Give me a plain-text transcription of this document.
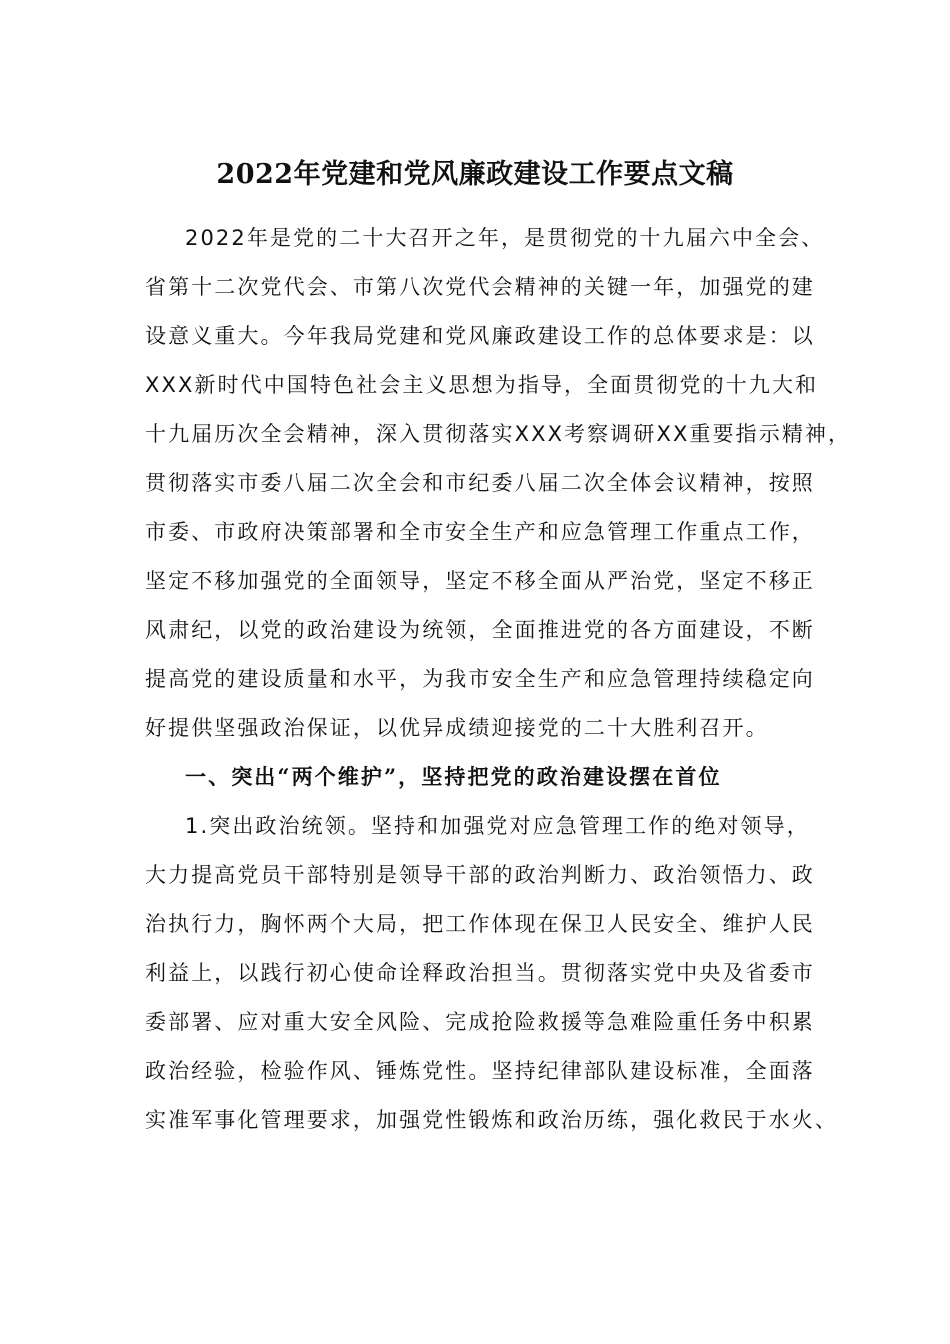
2022年党建和党风廉政建设工作要点文稿
2022年是党的二十大召开之年，是贯彻党的十九届六中全会、
省第十二次党代会、市第八次党代会精神的关键一年，加强党的建
设意义重大。今年我局党建和党风廉政建设工作的总体要求是：以
XXX新时代中国特色社会主义思想为指导，全面贯彻党的十九大和
十九届历次全会精神，深入贯彻落实XXX考察调研XX重要指示精神，
贯彻落实市委八届二次全会和市纪委八届二次全体会议精神，按照
市委、市政府决策部署和全市安全生产和应急管理工作重点工作，
坚定不移加强党的全面领导，坚定不移全面从严治党，坚定不移正
风肃纪，以党的政治建设为统领，全面推进党的各方面建设，不断
提高党的建设质量和水平，为我市安全生产和应急管理持续稳定向
好提供坚强政治保证，以优异成绩迎接党的二十大胜利召开。
一、突出“两个维护”，坚持把党的政治建设摆在首位
1.突出政治统领。坚持和加强党对应急管理工作的绝对领导，
大力提高党员干部特别是领导干部的政治判断力、政治领悟力、政
治执行力，胸怀两个大局，把工作体现在保卫人民安全、维护人民
利益上，以践行初心使命诠释政治担当。贯彻落实党中央及省委市
委部署、应对重大安全风险、完成抢险救援等急难险重任务中积累
政治经验，检验作风、锤炼党性。坚持纪律部队建设标准，全面落
实准军事化管理要求，加强党性锻炼和政治历练，强化救民于水火、
